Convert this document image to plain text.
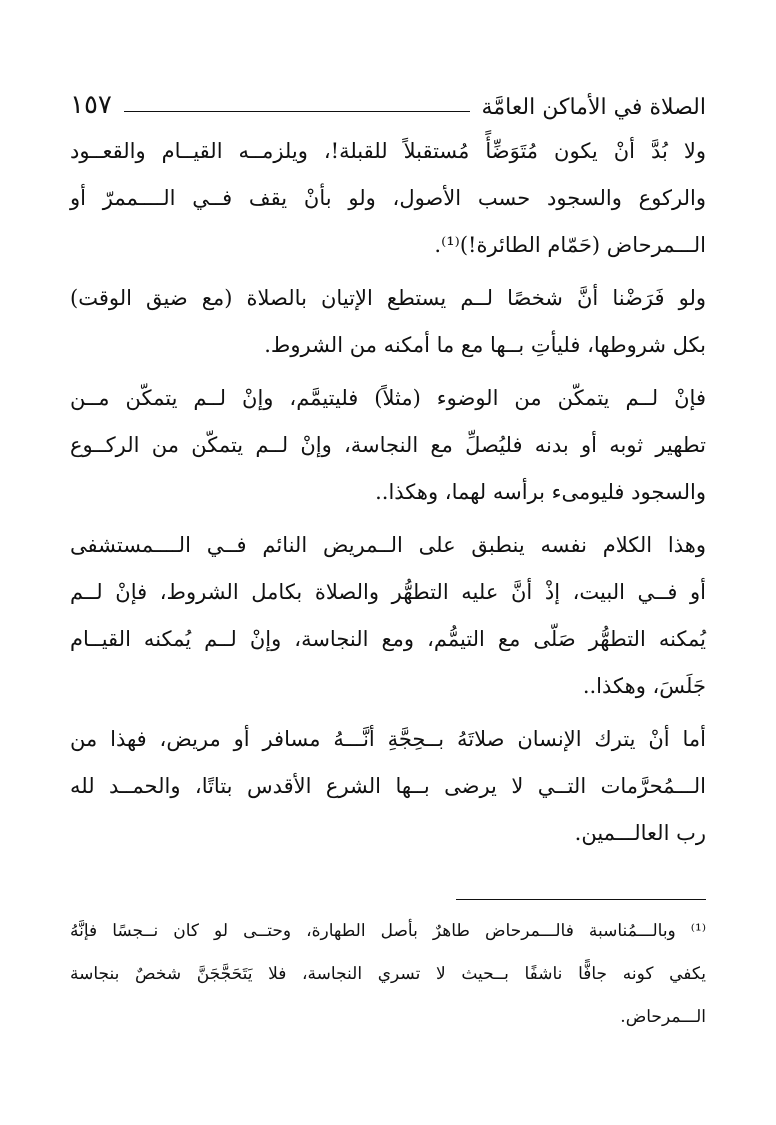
الصلاة في الأماكن العامَّة
١٥٧
ولا بُدَّ أنْ يكون مُتَوَضِّأً مُستقبلاً للقبلة!، ويلزمــه القيــام والقعــود
والركوع والسجود حسب الأصول، ولو بأنْ يقف فــي الــــممرّ أو
الـــمرحاض (حَمّام الطائرة!)⁽¹⁾.
ولو فَرَضْنا أنَّ شخصًا لــم يستطع الإتيان بالصلاة (مع ضيق الوقت)
بكل شروطها، فليأتِ بــها مع ما أمكنه من الشروط.
فإنْ لــم يتمكّن من الوضوء (مثلاً) فليتيمَّم، وإنْ لــم يتمكّن مــن
تطهير ثوبه أو بدنه فليُصلِّ مع النجاسة، وإنْ لــم يتمكّن من الركــوع
والسجود فليومىء برأسه لهما، وهكذا..
وهذا الكلام نفسه ينطبق على الــمريض النائم فــي الــــمستشفى
أو فــي البيت، إذْ أنَّ عليه التطهُّر والصلاة بكامل الشروط، فإنْ لــم
يُمكنه التطهُّر صَلّى مع التيمُّم، ومع النجاسة، وإنْ لــم يُمكنه القيــام
جَلَسَ، وهكذا..
أما أنْ يترك الإنسان صلاتَهُ بــحِجَّةِ أنَّـــهُ مسافر أو مريض، فهذا من
الـــمُحرَّمات التــي لا يرضى بــها الشرع الأقدس بتاتًا، والحمــد لله
رب العالـــمين.
⁽¹⁾ وبالـــمُناسبة فالـــمرحاض طاهرٌ بأصل الطهارة، وحتــى لو كان نــجسًا فإنَّهُ
يكفي كونه جافًّا ناشفًا بــحيث لا تسري النجاسة، فلا يَتَحَجَّجَنَّ شخصٌ بنجاسة
الـــمرحاض.
